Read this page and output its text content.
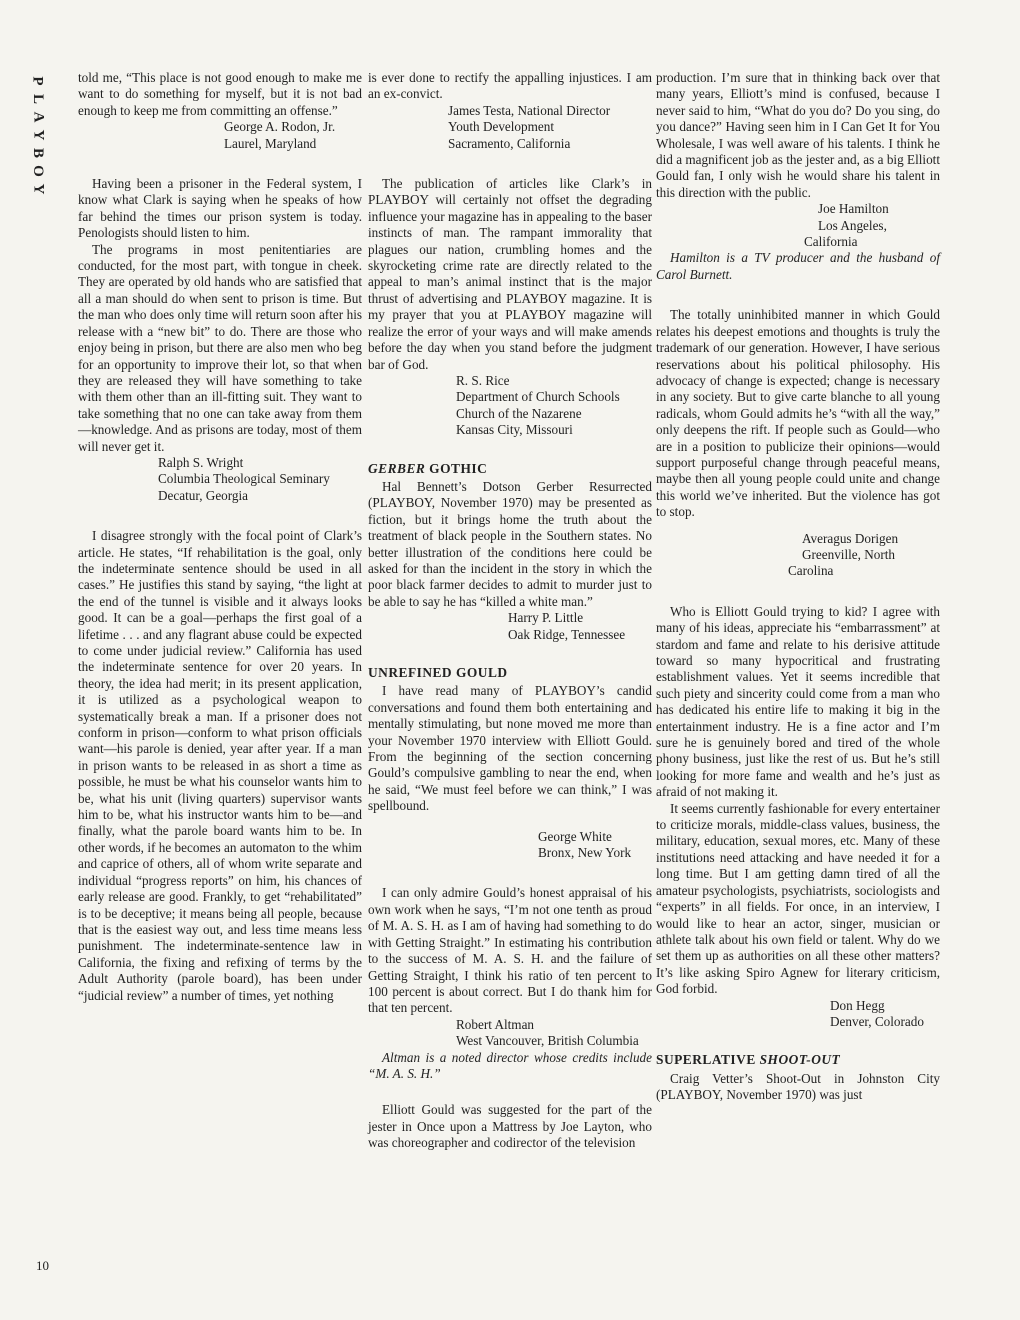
P
L
A
Y
B
O
Y
10

told me, “This place is not good enough to make me want to do something for myself, but it is not bad enough to keep me from committing an offense.”

George A. Rodon, Jr.

Laurel, Maryland

Having been a prisoner in the Federal system, I know what Clark is saying when he speaks of how far behind the times our prison system is today. Penologists should listen to him.

The programs in most penitentiaries are conducted, for the most part, with tongue in cheek. They are operated by old hands who are satisfied that all a man should do when sent to prison is time. But the man who does only time will return soon after his release with a “new bit” to do. There are those who enjoy being in prison, but there are also men who beg for an opportunity to improve their lot, so that when they are released they will have something to take with them other than an ill-fitting suit. They want to take something that no one can take away from them—knowledge. And as prisons are today, most of them will never get it.

Ralph S. Wright

Columbia Theological Seminary

Decatur, Georgia

I disagree strongly with the focal point of Clark’s article. He states, “If rehabilitation is the goal, only the indeterminate sentence should be used in all cases.” He justifies this stand by saying, “the light at the end of the tunnel is visible and it always looks good. It can be a goal—perhaps the first goal of a lifetime . . . and any flagrant abuse could be expected to come under judicial review.” California has used the indeterminate sentence for over 20 years. In theory, the idea had merit; in its present application, it is utilized as a psychological weapon to systematically break a man. If a prisoner does not conform in prison—conform to what prison officials want—his parole is denied, year after year. If a man in prison wants to be released in as short a time as possible, he must be what his counselor wants him to be, what his unit (living quarters) supervisor wants him to be, what his instructor wants him to be—and finally, what the parole board wants him to be. In other words, if he becomes an automaton to the whim and caprice of others, all of whom write separate and individual “progress reports” on him, his chances of early release are good. Frankly, to get “rehabilitated” is to be deceptive; it means being all people, because that is the easiest way out, and less time means less punishment. The indeterminate-sentence law in California, the fixing and refixing of terms by the Adult Authority (parole board), has been under “judicial review” a number of times, yet nothing

is ever done to rectify the appalling injustices. I am an ex-convict.

James Testa, National Director

Youth Development

Sacramento, California

The publication of articles like Clark’s in PLAYBOY will certainly not offset the degrading influence your magazine has in appealing to the baser instincts of man. The rampant immorality that plagues our nation, crumbling homes and the skyrocketing crime rate are directly related to the appeal to man’s animal instinct that is the major thrust of advertising and PLAYBOY magazine. It is my prayer that you at PLAYBOY magazine will realize the error of your ways and will make amends before the day when you stand before the judgment bar of God.

R. S. Rice

Department of Church Schools

Church of the Nazarene

Kansas City, Missouri

GERBER GOTHIC

Hal Bennett’s Dotson Gerber Resurrected (PLAYBOY, November 1970) may be presented as fiction, but it brings home the truth about the treatment of black people in the Southern states. No better illustration of the conditions here could be asked for than the incident in the story in which the poor black farmer decides to admit to murder just to be able to say he has “killed a white man.”

Harry P. Little

Oak Ridge, Tennessee

UNREFINED GOULD

I have read many of PLAYBOY’s candid conversations and found them both entertaining and mentally stimulating, but none moved me more than your November 1970 interview with Elliott Gould. From the beginning of the section concerning Gould’s compulsive gambling to near the end, when he said, “We must feel before we can think,” I was spellbound.

George White

Bronx, New York

I can only admire Gould’s honest appraisal of his own work when he says, “I’m not one tenth as proud of M. A. S. H. as I am of having had something to do with Getting Straight.” In estimating his contribution to the success of M. A. S. H. and the failure of Getting Straight, I think his ratio of ten percent to 100 percent is about correct. But I do thank him for that ten percent.

Robert Altman

West Vancouver, British Columbia

Altman is a noted director whose credits include “M. A. S. H.”

Elliott Gould was suggested for the part of the jester in Once upon a Mattress by Joe Layton, who was choreographer and codirector of the television

production. I’m sure that in thinking back over that many years, Elliott’s mind is confused, because I never said to him, “What do you do? Do you sing, do you dance?” Having seen him in I Can Get It for You Wholesale, I was well aware of his talents. I think he did a magnificent job as the jester and, as a big Elliott Gould fan, I only wish he would share his talent in this direction with the public.

Joe Hamilton

Los Angeles, California

Hamilton is a TV producer and the husband of Carol Burnett.

The totally uninhibited manner in which Gould relates his deepest emotions and thoughts is truly the trademark of our generation. However, I have serious reservations about his political philosophy. His advocacy of change is expected; change is necessary in any society. But to give carte blanche to all young radicals, whom Gould admits he’s “with all the way,” only deepens the rift. If people such as Gould—who are in a position to publicize their opinions—would support purposeful change through peaceful means, maybe then all young people could unite and change this world we’ve inherited. But the violence has got to stop.

Averagus Dorigen

Greenville, North Carolina

Who is Elliott Gould trying to kid? I agree with many of his ideas, appreciate his “embarrassment” at stardom and fame and relate to his derisive attitude toward so many hypocritical and frustrating establishment values. Yet it seems incredible that such piety and sincerity could come from a man who has dedicated his entire life to making it big in the entertainment industry. He is a fine actor and I’m sure he is genuinely bored and tired of the whole phony business, just like the rest of us. But he’s still looking for more fame and wealth and he’s just as afraid of not making it.

It seems currently fashionable for every entertainer to criticize morals, middle-class values, business, the military, education, sexual mores, etc. Many of these institutions need attacking and have needed it for a long time. But I am getting damn tired of all the amateur psychologists, psychiatrists, sociologists and “experts” in all fields. For once, in an interview, I would like to hear an actor, singer, musician or athlete talk about his own field or talent. Why do we set them up as authorities on all these other matters? It’s like asking Spiro Agnew for literary criticism, God forbid.

Don Hegg

Denver, Colorado

SUPERLATIVE SHOOT-OUT

Craig Vetter’s Shoot-Out in Johnston City (PLAYBOY, November 1970) was just
